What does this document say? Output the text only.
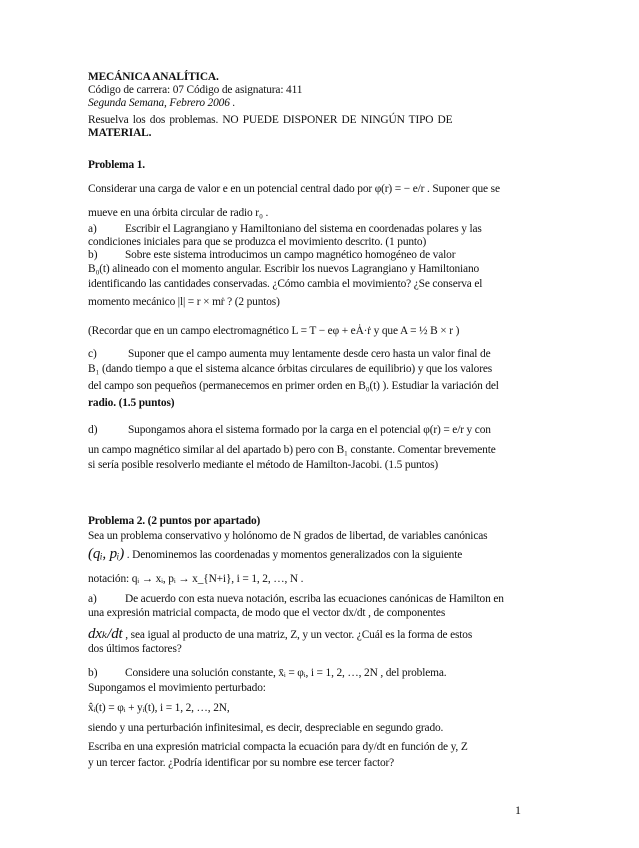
MECÁNICA ANALÍTICA.
Código de carrera: 07 Código de asignatura: 411
Segunda Semana, Febrero 2006 .
Resuelva los dos problemas. NO PUEDE DISPONER DE NINGÚN TIPO DE
MATERIAL.
Problema 1.
Considerar una carga de valor e en un potencial central dado por φ(r) = − e/r . Suponer que se
mueve en una órbita circular de radio r₀ .
a) Escribir el Lagrangiano y Hamiltoniano del sistema en coordenadas polares y las
condiciones iniciales para que se produzca el movimiento descrito. (1 punto)
b) Sobre este sistema introducimos un campo magnético homogéneo de valor
B₀(t) alineado con el momento angular. Escribir los nuevos Lagrangiano y Hamiltoniano
identificando las cantidades conservadas. ¿Cómo cambia el movimiento? ¿Se conserva el
momento mecánico |l| = r × mṙ ? (2 puntos)
(Recordar que en un campo electromagnético L = T − eφ + eȦ·ṙ y que A = ½ B × r )
c)	Suponer que el campo aumenta muy lentamente desde cero hasta un valor final de
B₁ (dando tiempo a que el sistema alcance órbitas circulares de equilibrio) y que los valores
del campo son pequeños (permanecemos en primer orden en B₀(t) ). Estudiar la variación del
radio. (1.5 puntos)
d)	Supongamos ahora el sistema formado por la carga en el potencial φ(r) = e/r y con
un campo magnético similar al del apartado b) pero con B₁ constante. Comentar brevemente
si sería posible resolverlo mediante el método de Hamilton-Jacobi. (1.5 puntos)
Problema 2. (2 puntos por apartado)
Sea un problema conservativo y holónomo de N grados de libertad, de variables canónicas
(qᵢ, pᵢ) . Denominemos las coordenadas y momentos generalizados con la siguiente
notación: qᵢ → xᵢ, pᵢ → x_{N+i}, i = 1, 2, …, N .
a) De acuerdo con esta nueva notación, escriba las ecuaciones canónicas de Hamilton en
una expresión matricial compacta, de modo que el vector dx/dt , de componentes
dxₖ/dt , sea igual al producto de una matriz, Z, y un vector. ¿Cuál es la forma de estos
dos últimos factores?
b) Considere una solución constante, x̄ᵢ = φᵢ, i = 1, 2, …, 2N , del problema.
Supongamos el movimiento perturbado:
x̂ᵢ(t) = φᵢ + yᵢ(t), i = 1, 2, …, 2N,
siendo y una perturbación infinitesimal, es decir, despreciable en segundo grado.
Escriba en una expresión matricial compacta la ecuación para dy/dt en función de y, Z
y un tercer factor. ¿Podría identificar por su nombre ese tercer factor?
1
